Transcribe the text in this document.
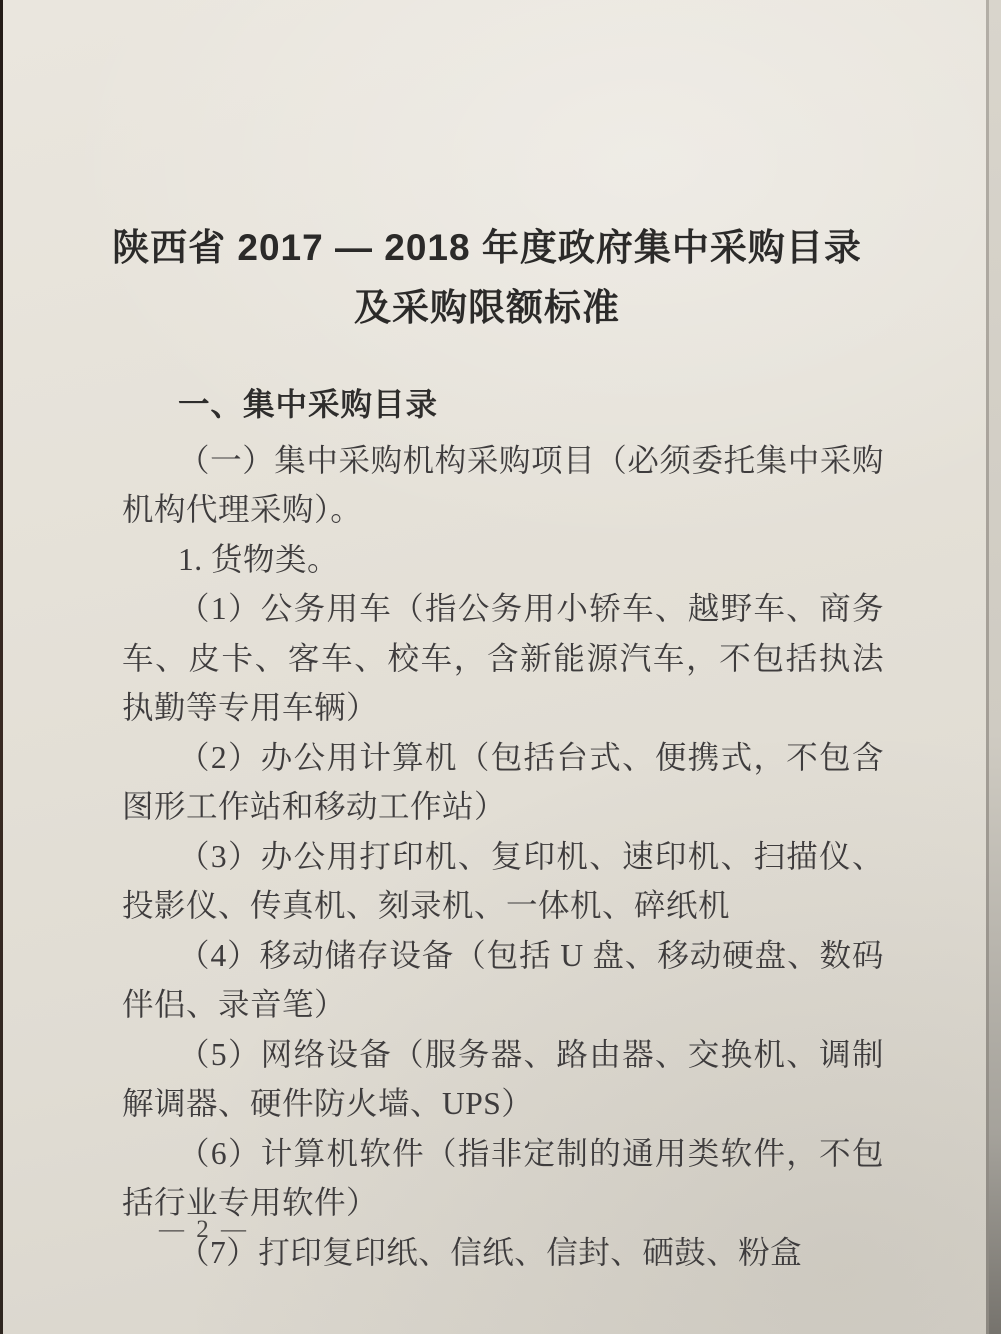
陕西省 2017 — 2018 年度政府集中采购目录
及采购限额标准

一、集中采购目录

（一）集中采购机构采购项目（必须委托集中采购机构代理采购）。

1. 货物类。

（1）公务用车（指公务用小轿车、越野车、商务车、皮卡、客车、校车，含新能源汽车，不包括执法执勤等专用车辆）

（2）办公用计算机（包括台式、便携式，不包含图形工作站和移动工作站）

（3）办公用打印机、复印机、速印机、扫描仪、投影仪、传真机、刻录机、一体机、碎纸机

（4）移动储存设备（包括 U 盘、移动硬盘、数码伴侣、录音笔）

（5）网络设备（服务器、路由器、交换机、调制解调器、硬件防火墙、UPS）

（6）计算机软件（指非定制的通用类软件，不包括行业专用软件）

（7）打印复印纸、信纸、信封、硒鼓、粉盒

— 2 —
